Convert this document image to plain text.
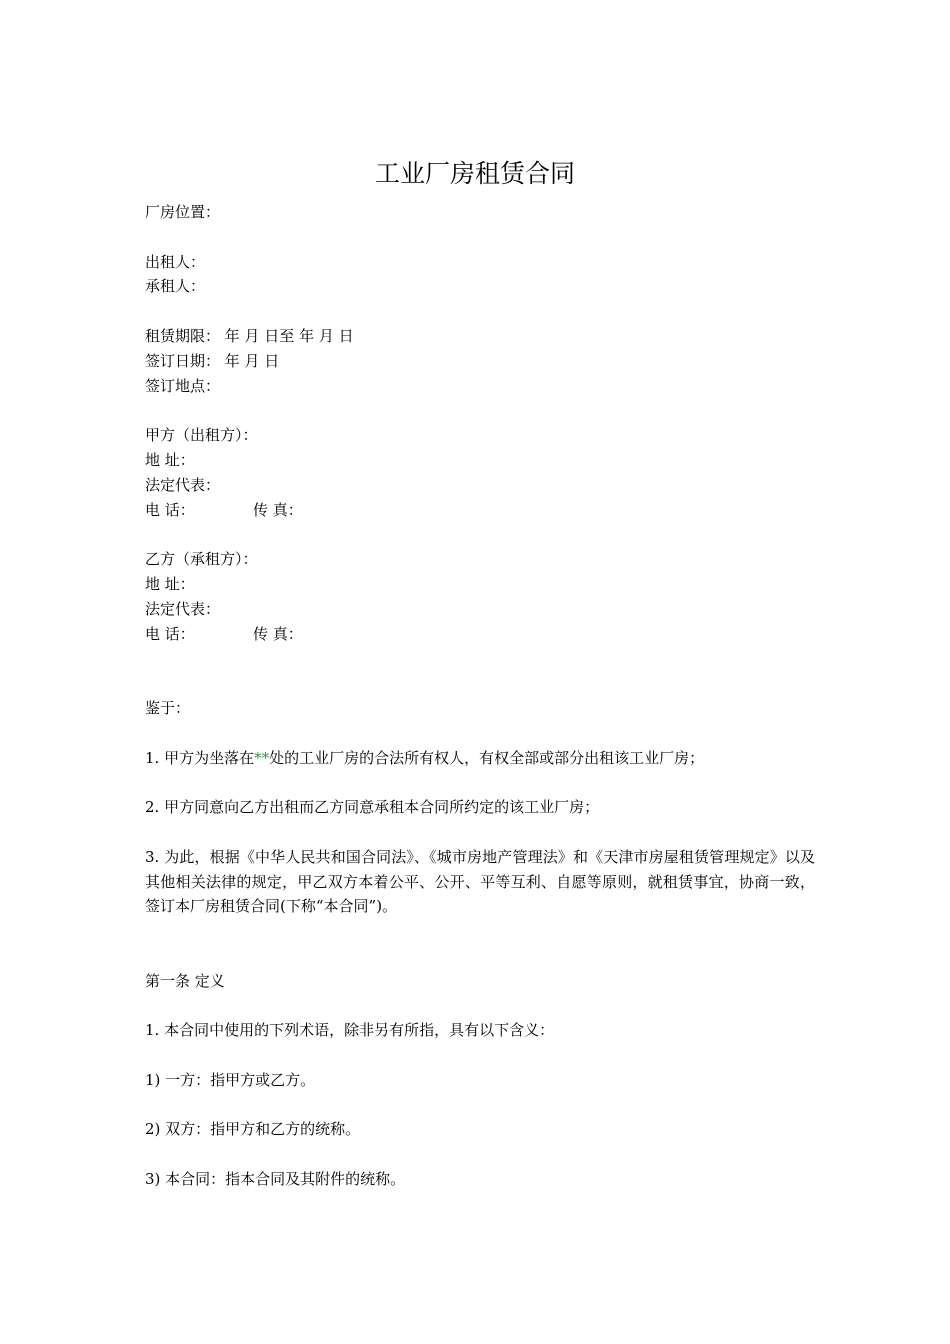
工业厂房租赁合同

厂房位置：

出租人：

承租人：

租赁期限： 年 月 日至 年 月 日

签订日期： 年 月 日

签订地点：

甲方（出租方）：

地 址：

法定代表：

电 话：	传 真：

乙方（承租方）：

地 址：

法定代表：

电 话：	传 真：

鉴于：

1. 甲方为坐落在**处的工业厂房的合法所有权人，有权全部或部分出租该工业厂房；

2. 甲方同意向乙方出租而乙方同意承租本合同所约定的该工业厂房；

3. 为此，根据《中华人民共和国合同法》、《城市房地产管理法》和《天津市房屋租赁管理规定》以及其他相关法律的规定，甲乙双方本着公平、公开、平等互利、自愿等原则，就租赁事宜，协商一致，签订本厂房租赁合同(下称“本合同”)。

第一条 定义

1. 本合同中使用的下列术语，除非另有所指，具有以下含义：

1) 一方：指甲方或乙方。

2) 双方：指甲方和乙方的统称。

3) 本合同：指本合同及其附件的统称。
